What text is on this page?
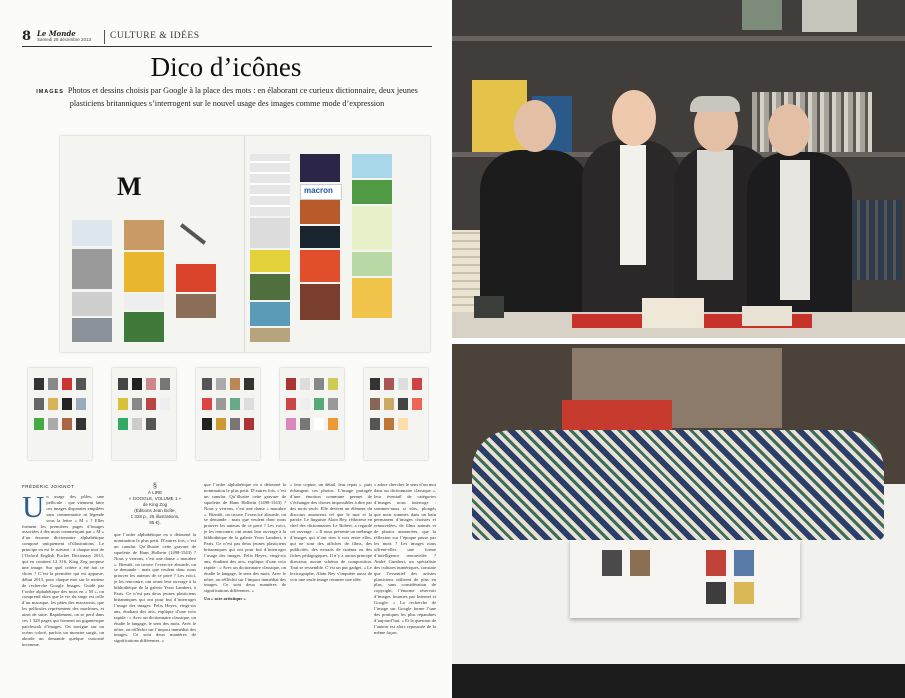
8 Le Monde
Samedi 28 décembre 2013 CULTURE & IDÉES
Dico d’icônes
IMAGES Photos et dessins choisis par Google à la place des mots : en élaborant ce curieux dictionnaire, deux jeunes plasticiens britanniques s’interrogent sur le nouvel usage des images comme mode d’expression
M	macron
FRÉDÉRIC JOIGNOT

Un usage des pôles, une pellicule : que viennent faire ces images disparates empilées sans commentaire ni légende sous la lettre « M » ? Elles forment les premières pages d’images associées à des mots commençant par « M » d’un énorme dictionnaire alphabétique composé uniquement d’illustrations. Le principe en est le suivant : à chaque mot de l’Oxford English Pocket Dictionary 2013, qui en contient 12 316, King Zog propose une image. Sur quel critère a été fait ce choix ? C’est la première qui est apparue, début 2013, pour chaque mot sur le moteur de recherche Google Images. Guidé par l’ordre alphabétique des mots en « M », on comprend alors que la vie du singe est celle d’un macaque, les pâtes des macaronis, que les pellicules représentent des machines, et ainsi de suite. Rapidement, on se perd dans ces 1 328 pages qui forment un gigantesque patchwork d’images. On navigue sur un océan coloré, parfois un monstre surgit, on aborde un demande quelque curiosité inconnue.

§
À LIRE
« GOOGLE, VOLUME 1 »
de King Zog
(Éditions Jean Boîte,
1 328 p., 25 illustrations,
95 €).

que l’ordre alphabétique en a détourné la nomination le plus petit. D’autres fois, c’est un canular. Qu’illustre cette gravure de squelette de Hans Holbein (1498-1543) ? Nous y verrons, c’est une danse « macabre ». Bientôt, on trouve l’exercice absurde, on se demande : mais que veulent donc nous prouver les auteurs de ce pavé ? Les voici, je les rencontre, ont avant leur ouvrage à la bibliothèque de la galerie Yvon Lambert, à Paris. Ce n’est pas deux jeunes plasticiens britanniques qui ont pour but d’interroger l’usage des images. Felix Heyes, vingt-six ans, étudiant des arts, explique d’une voix rapide : « Avec un dictionnaire classique, on étudie le langage, le sens des mots. Avec le nôtre, on réfléchit sur l’impact immédiat des images. Ce sont deux manières de significations différentes. »

que l’ordre alphabétique en a détourné la nomination le plus petit. D’autres fois, c’est un canular. Qu’illustre cette gravure de squelette de Hans Holbein (1498-1543) ? Nous y verrons, c’est une danse « macabre ». Bientôt, on trouve l’exercice absurde, on se demande : mais que veulent donc nous prouver les auteurs de ce pavé ? Les voici, je les rencontre, ont avant leur ouvrage à la bibliothèque de la galerie Yvon Lambert, à Paris. Ce n’est pas deux jeunes plasticiens britanniques qui ont pour but d’interroger l’usage des images. Felix Heyes, vingt-six ans, étudiant des arts, explique d’une voix rapide : « Avec un dictionnaire classique, on étudie le langage, le sens des mots. Avec le nôtre, on réfléchit sur l’impact immédiat des images. Ce sont deux manières de significations différentes. »

Un « acte artistique »

« leur copine, un détail, leur repas », puis échangent ces photos. L’image partagée d’une émotion commune permet de s’échanger des choses impossibles à dire par des mots seuls. Elle devient un élément du discours amoureux tel que le mot et la parole. Le linguiste Alain Rey, rédacteur en chef des dictionnaires Le Robert, a regardé cet ouvrage : « Il nous présente un mélange d’images qui n’ont rien à voir entre elles, qui ne sont des affiches de films, des publicités, des extraits de cinéma ou des fiches pédagogiques. Il n’y a aucun principe directeur, aucun schéma de composition. Tout se ressemble. C’est un pur gadget. » Le lexicographe, Alain Rey s’inquiète aussi de voir une seule image résumer une idée.

« adore chercher le sens d’un mot dans un dictionnaire classique », leur éventail de catégories d’images nous interroge : sommes-nous si sûrs, plongés que nous sommes dans un bain permanent d’images choisies et renouvelées, de films animés et de photos annoncées, que la réflexion sur l’époque passe par les mots ? Les images nous offrent-elles une forme d’intelligence renouvelée ? André Gunthert, un spécialiste des cultures numériques, constate que l’essentiel des artistes plasticiens utilisent de plus en plus, sans considération de copyright, l’énorme réservoir d’images fournies par Internet et Google. « La recherche de l’image sur Google forme l’une des pratiques les plus répandues d’aujourd’hui. » Et la question de l’auteur est alors repoussée de la même façon.
